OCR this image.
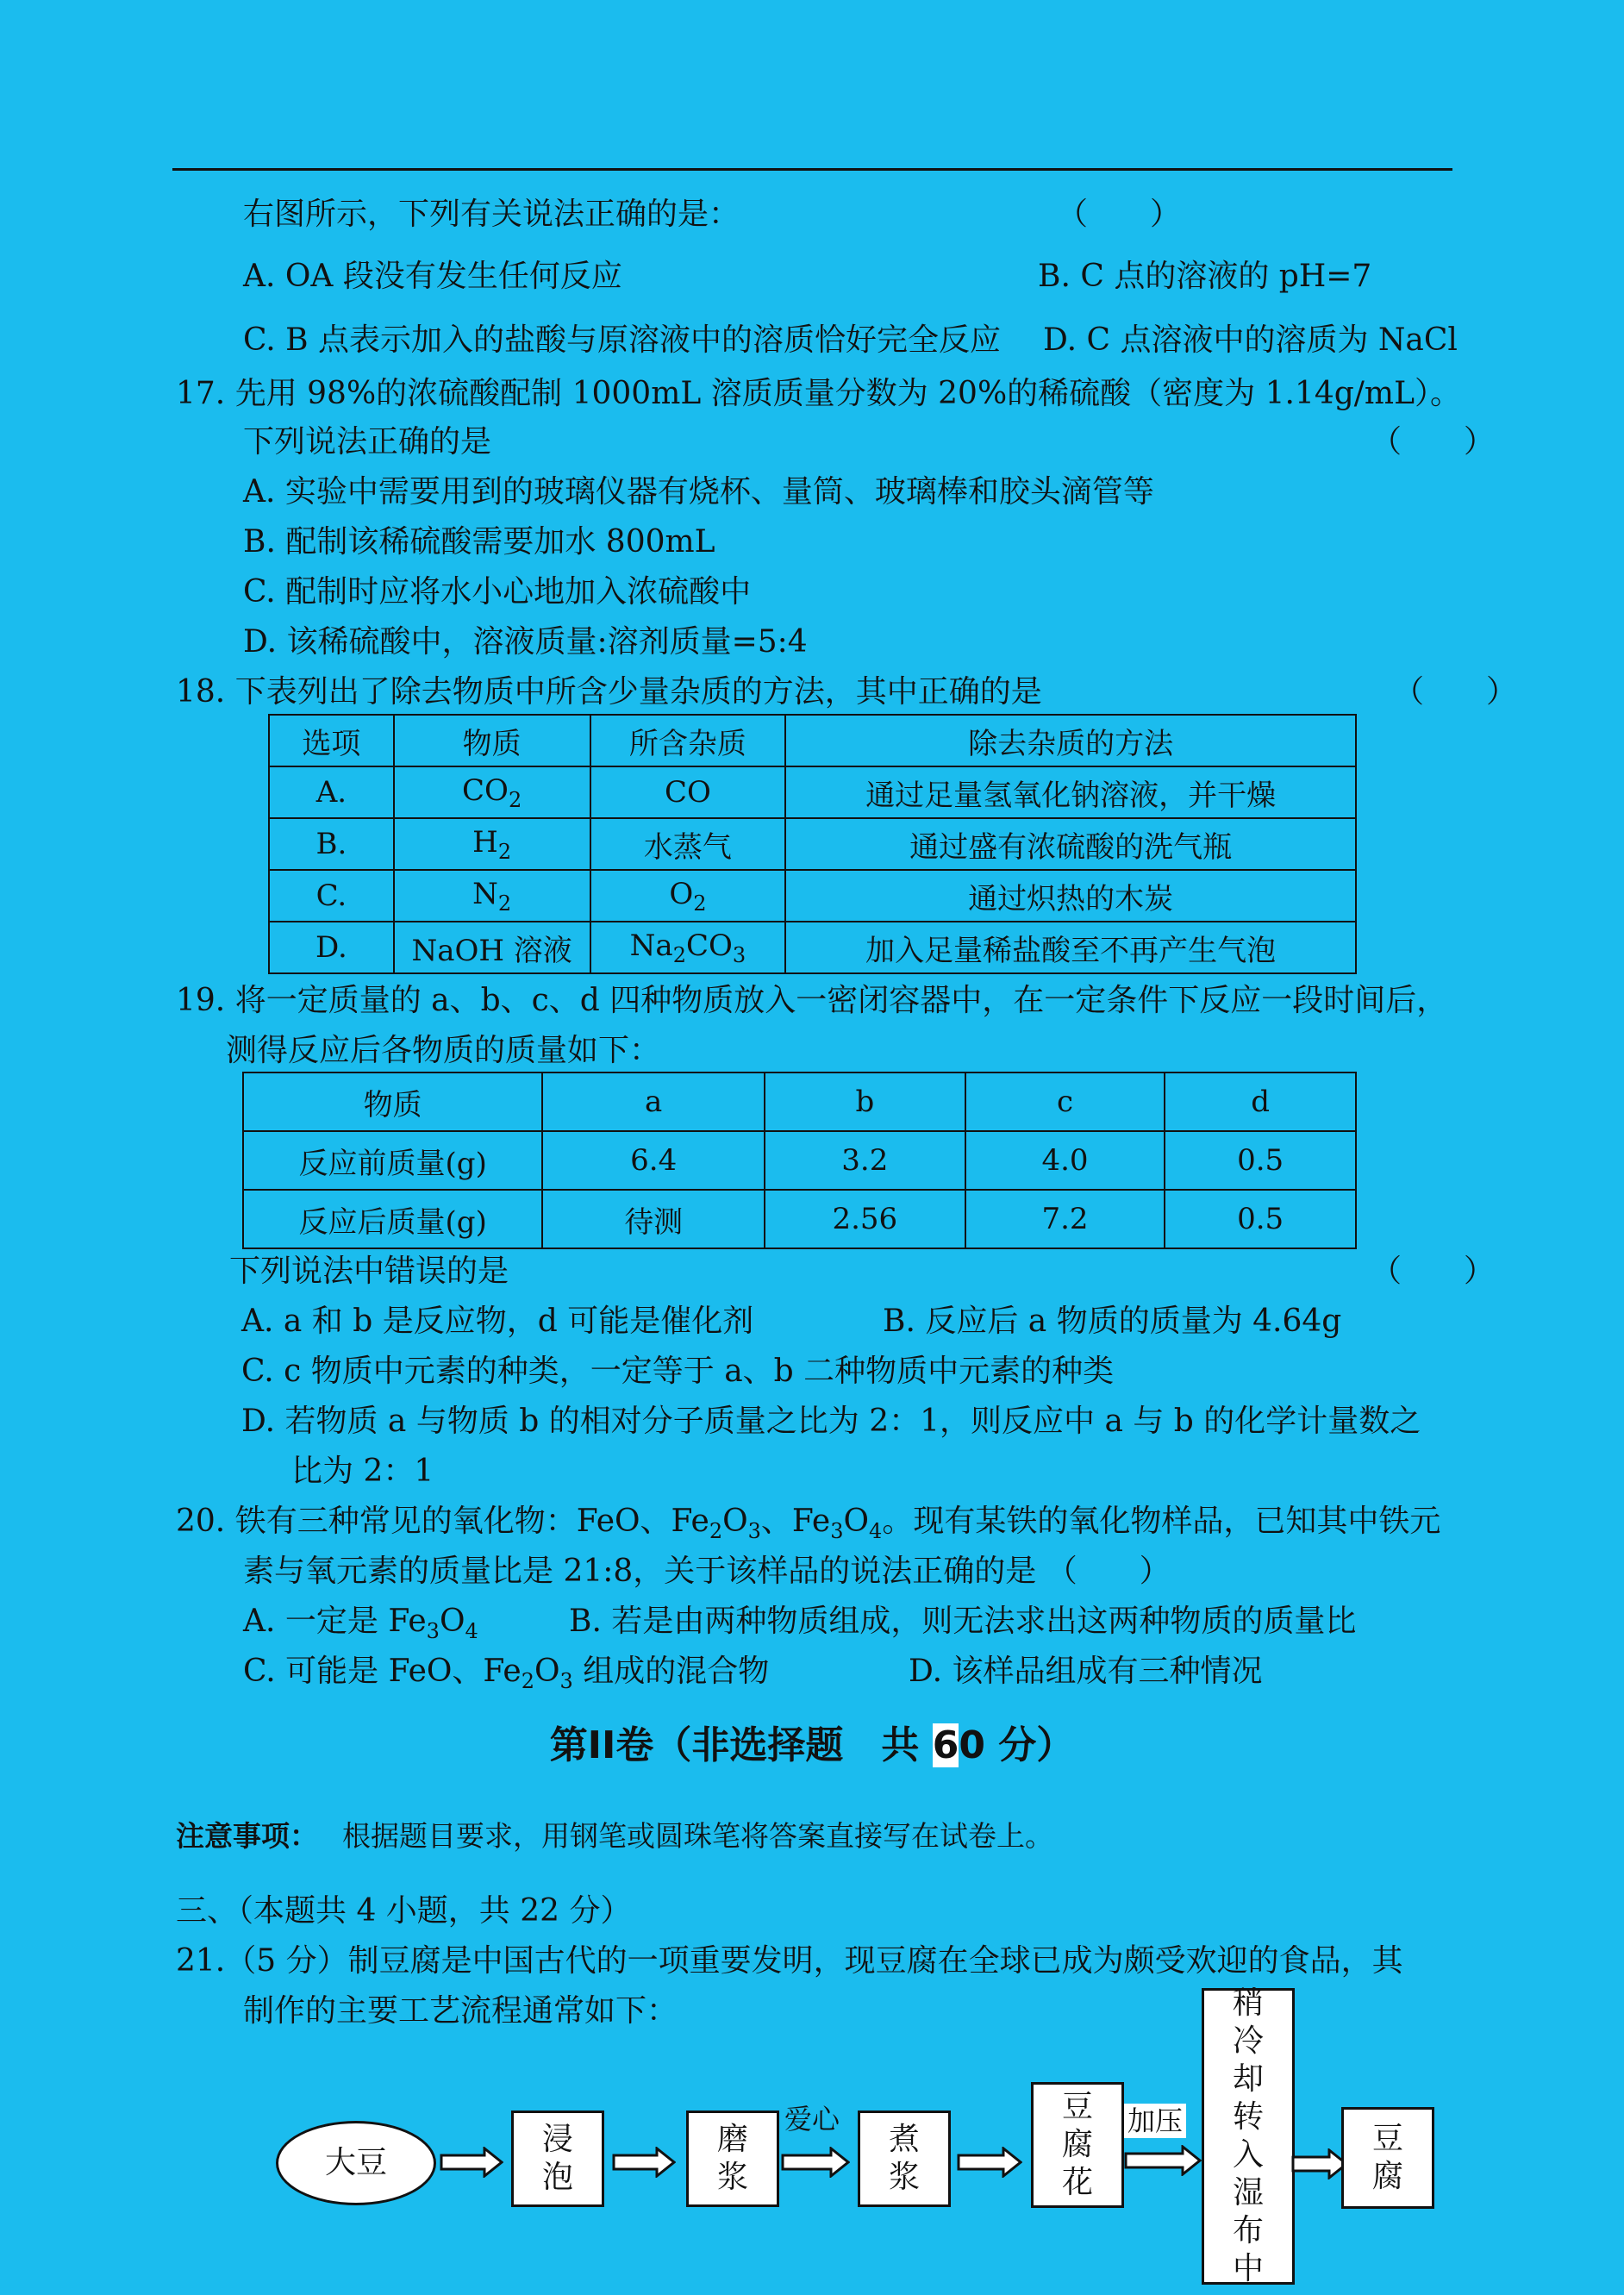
右图所示，下列有关说法正确的是：	（　　）
A. OA 段没有发生任何反应	B. C 点的溶液的 pH=7
C. B 点表示加入的盐酸与原溶液中的溶质恰好完全反应 D. C 点溶液中的溶质为 NaCl
17. 先用 98%的浓硫酸配制 1000mL 溶质质量分数为 20%的稀硫酸（密度为 1.14g/mL）。
下列说法正确的是	（　　）
A. 实验中需要用到的玻璃仪器有烧杯、量筒、玻璃棒和胶头滴管等
B. 配制该稀硫酸需要加水 800mL
C. 配制时应将水小心地加入浓硫酸中
D. 该稀硫酸中，溶液质量:溶剂质量=5:4
18. 下表列出了除去物质中所含少量杂质的方法，其中正确的是	（　　）
选项	物质	所含杂质	除去杂质的方法
A.	$CO_2$	CO	通过足量氢氧化钠溶液，并干燥
B.	$H_2$	水蒸气	通过盛有浓硫酸的洗气瓶
C.	$N_2$	$O_2$	通过炽热的木炭
D.	NaOH 溶液	$Na_2CO_3$	加入足量稀盐酸至不再产生气泡
19. 将一定质量的 a、b、c、d 四种物质放入一密闭容器中，在一定条件下反应一段时间后，
测得反应后各物质的质量如下：
物质	a	b	c	d
反应前质量(g)	6.4	3.2	4.0	0.5
反应后质量(g)	待测	2.56	7.2	0.5
下列说法中错误的是	（　　）
A. a 和 b 是反应物，d 可能是催化剂	B. 反应后 a 物质的质量为 4.64g
C. c 物质中元素的种类，一定等于 a、b 二种物质中元素的种类
D. 若物质 a 与物质 b 的相对分子质量之比为 2：1，则反应中 a 与 b 的化学计量数之
比为 2：1
20. 铁有三种常见的氧化物：FeO、$Fe_2O_3$、$Fe_3O_4$。现有某铁的氧化物样品，已知其中铁元
素与氧元素的质量比是 21:8，关于该样品的说法正确的是 （　　）
A. 一定是 $Fe_3O_4$	B. 若是由两种物质组成，则无法求出这两种物质的质量比
C. 可能是 FeO、$Fe_2O_3$ 组成的混合物	D. 该样品组成有三种情况
第II卷（非选择题　共 60 分）
注意事项： 根据题目要求，用钢笔或圆珠笔将答案直接写在试卷上。
三、（本题共 4 小题，共 22 分）
21.（5 分）制豆腐是中国古代的一项重要发明，现豆腐在全球已成为颇受欢迎的食品，其
制作的主要工艺流程通常如下：
大豆
浸泡
磨浆
爱心
煮浆
豆腐花
加压
稍冷却转入湿布中
豆腐
